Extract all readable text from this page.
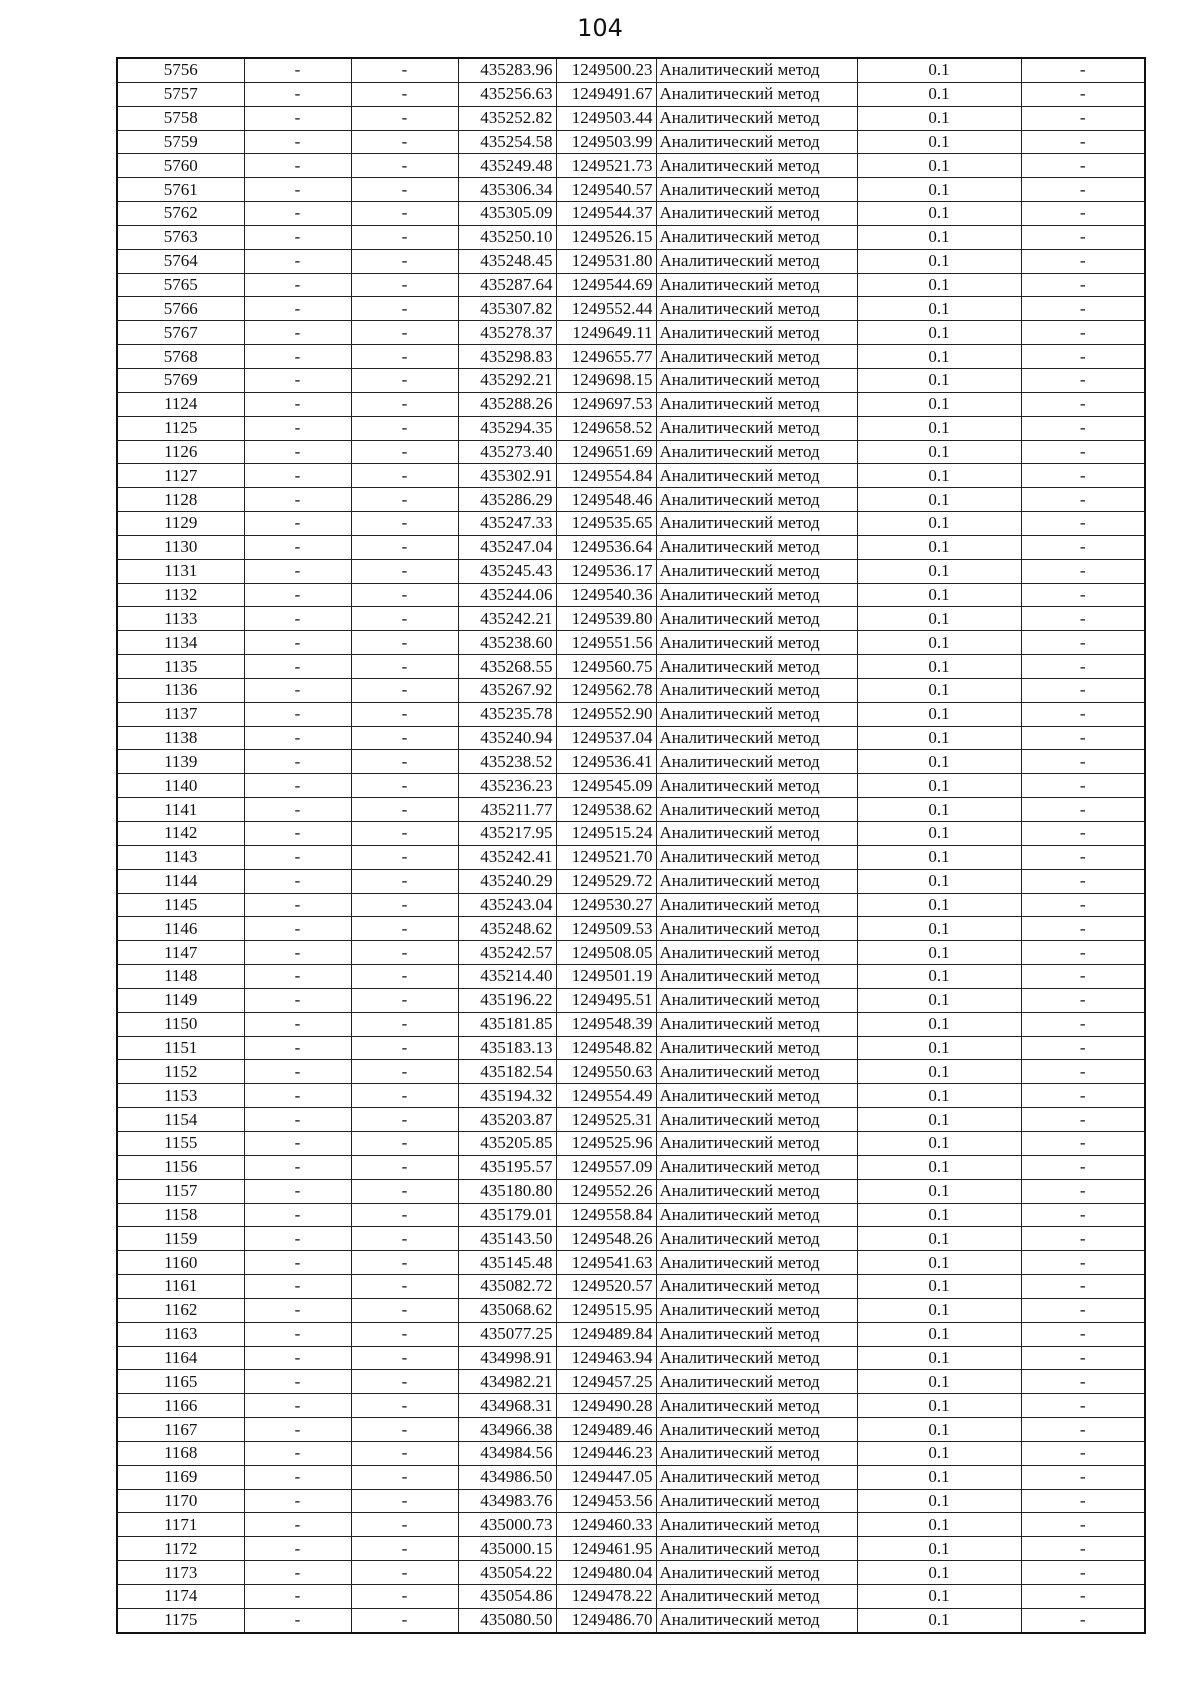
104
5756	-	-	435283.96	1249500.23	Аналитический метод	0.1	-
5757	-	-	435256.63	1249491.67	Аналитический метод	0.1	-
5758	-	-	435252.82	1249503.44	Аналитический метод	0.1	-
5759	-	-	435254.58	1249503.99	Аналитический метод	0.1	-
5760	-	-	435249.48	1249521.73	Аналитический метод	0.1	-
5761	-	-	435306.34	1249540.57	Аналитический метод	0.1	-
5762	-	-	435305.09	1249544.37	Аналитический метод	0.1	-
5763	-	-	435250.10	1249526.15	Аналитический метод	0.1	-
5764	-	-	435248.45	1249531.80	Аналитический метод	0.1	-
5765	-	-	435287.64	1249544.69	Аналитический метод	0.1	-
5766	-	-	435307.82	1249552.44	Аналитический метод	0.1	-
5767	-	-	435278.37	1249649.11	Аналитический метод	0.1	-
5768	-	-	435298.83	1249655.77	Аналитический метод	0.1	-
5769	-	-	435292.21	1249698.15	Аналитический метод	0.1	-
1124	-	-	435288.26	1249697.53	Аналитический метод	0.1	-
1125	-	-	435294.35	1249658.52	Аналитический метод	0.1	-
1126	-	-	435273.40	1249651.69	Аналитический метод	0.1	-
1127	-	-	435302.91	1249554.84	Аналитический метод	0.1	-
1128	-	-	435286.29	1249548.46	Аналитический метод	0.1	-
1129	-	-	435247.33	1249535.65	Аналитический метод	0.1	-
1130	-	-	435247.04	1249536.64	Аналитический метод	0.1	-
1131	-	-	435245.43	1249536.17	Аналитический метод	0.1	-
1132	-	-	435244.06	1249540.36	Аналитический метод	0.1	-
1133	-	-	435242.21	1249539.80	Аналитический метод	0.1	-
1134	-	-	435238.60	1249551.56	Аналитический метод	0.1	-
1135	-	-	435268.55	1249560.75	Аналитический метод	0.1	-
1136	-	-	435267.92	1249562.78	Аналитический метод	0.1	-
1137	-	-	435235.78	1249552.90	Аналитический метод	0.1	-
1138	-	-	435240.94	1249537.04	Аналитический метод	0.1	-
1139	-	-	435238.52	1249536.41	Аналитический метод	0.1	-
1140	-	-	435236.23	1249545.09	Аналитический метод	0.1	-
1141	-	-	435211.77	1249538.62	Аналитический метод	0.1	-
1142	-	-	435217.95	1249515.24	Аналитический метод	0.1	-
1143	-	-	435242.41	1249521.70	Аналитический метод	0.1	-
1144	-	-	435240.29	1249529.72	Аналитический метод	0.1	-
1145	-	-	435243.04	1249530.27	Аналитический метод	0.1	-
1146	-	-	435248.62	1249509.53	Аналитический метод	0.1	-
1147	-	-	435242.57	1249508.05	Аналитический метод	0.1	-
1148	-	-	435214.40	1249501.19	Аналитический метод	0.1	-
1149	-	-	435196.22	1249495.51	Аналитический метод	0.1	-
1150	-	-	435181.85	1249548.39	Аналитический метод	0.1	-
1151	-	-	435183.13	1249548.82	Аналитический метод	0.1	-
1152	-	-	435182.54	1249550.63	Аналитический метод	0.1	-
1153	-	-	435194.32	1249554.49	Аналитический метод	0.1	-
1154	-	-	435203.87	1249525.31	Аналитический метод	0.1	-
1155	-	-	435205.85	1249525.96	Аналитический метод	0.1	-
1156	-	-	435195.57	1249557.09	Аналитический метод	0.1	-
1157	-	-	435180.80	1249552.26	Аналитический метод	0.1	-
1158	-	-	435179.01	1249558.84	Аналитический метод	0.1	-
1159	-	-	435143.50	1249548.26	Аналитический метод	0.1	-
1160	-	-	435145.48	1249541.63	Аналитический метод	0.1	-
1161	-	-	435082.72	1249520.57	Аналитический метод	0.1	-
1162	-	-	435068.62	1249515.95	Аналитический метод	0.1	-
1163	-	-	435077.25	1249489.84	Аналитический метод	0.1	-
1164	-	-	434998.91	1249463.94	Аналитический метод	0.1	-
1165	-	-	434982.21	1249457.25	Аналитический метод	0.1	-
1166	-	-	434968.31	1249490.28	Аналитический метод	0.1	-
1167	-	-	434966.38	1249489.46	Аналитический метод	0.1	-
1168	-	-	434984.56	1249446.23	Аналитический метод	0.1	-
1169	-	-	434986.50	1249447.05	Аналитический метод	0.1	-
1170	-	-	434983.76	1249453.56	Аналитический метод	0.1	-
1171	-	-	435000.73	1249460.33	Аналитический метод	0.1	-
1172	-	-	435000.15	1249461.95	Аналитический метод	0.1	-
1173	-	-	435054.22	1249480.04	Аналитический метод	0.1	-
1174	-	-	435054.86	1249478.22	Аналитический метод	0.1	-
1175	-	-	435080.50	1249486.70	Аналитический метод	0.1	-
